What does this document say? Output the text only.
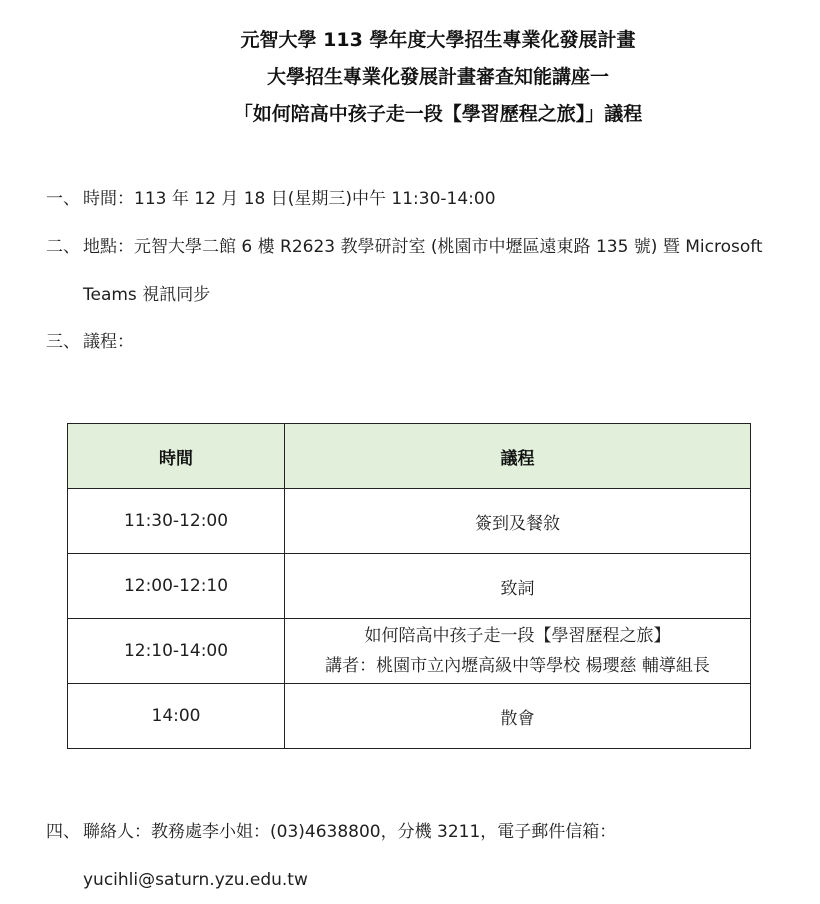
元智大學 113 學年度大學招生專業化發展計畫
大學招生專業化發展計畫審查知能講座一
「如何陪高中孩子走一段【學習歷程之旅】」議程
一、 時間：113 年 12 月 18 日(星期三)中午 11:30-14:00
二、 地點：元智大學二館 6 樓 R2623 教學研討室 (桃園市中壢區遠東路 135 號) 暨 Microsoft
Teams 視訊同步
三、 議程：
時間	議程
11:30-12:00	簽到及餐敘
12:00-12:10	致詞
12:10-14:00	如何陪高中孩子走一段【學習歷程之旅】
講者：桃園市立內壢高級中等學校 楊瓔慈 輔導組長

14:00	散會
四、 聯絡人：教務處李小姐：(03)4638800，分機 3211，電子郵件信箱：
yucihli@saturn.yzu.edu.tw
